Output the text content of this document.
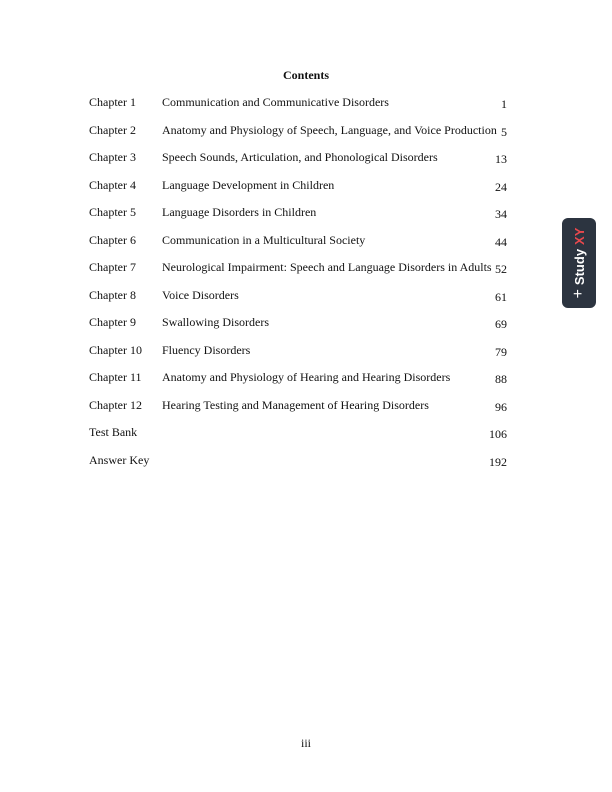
Contents
Chapter 1 Communication and Communicative Disorders	1
Chapter 2 Anatomy and Physiology of Speech, Language, and Voice Production 5
Chapter 3 Speech Sounds, Articulation, and Phonological Disorders	13
Chapter 4 Language Development in Children	24
Chapter 5 Language Disorders in Children	34
Chapter 6 Communication in a Multicultural Society	44
Chapter 7 Neurological Impairment: Speech and Language Disorders in Adults 52
Chapter 8 Voice Disorders	61
Chapter 9 Swallowing Disorders	69
Chapter 10 Fluency Disorders	79
Chapter 11 Anatomy and Physiology of Hearing and Hearing Disorders	88
Chapter 12 Hearing Testing and Management of Hearing Disorders	96
Test Bank	106
Answer Key	192
iii
+
Study
XY
